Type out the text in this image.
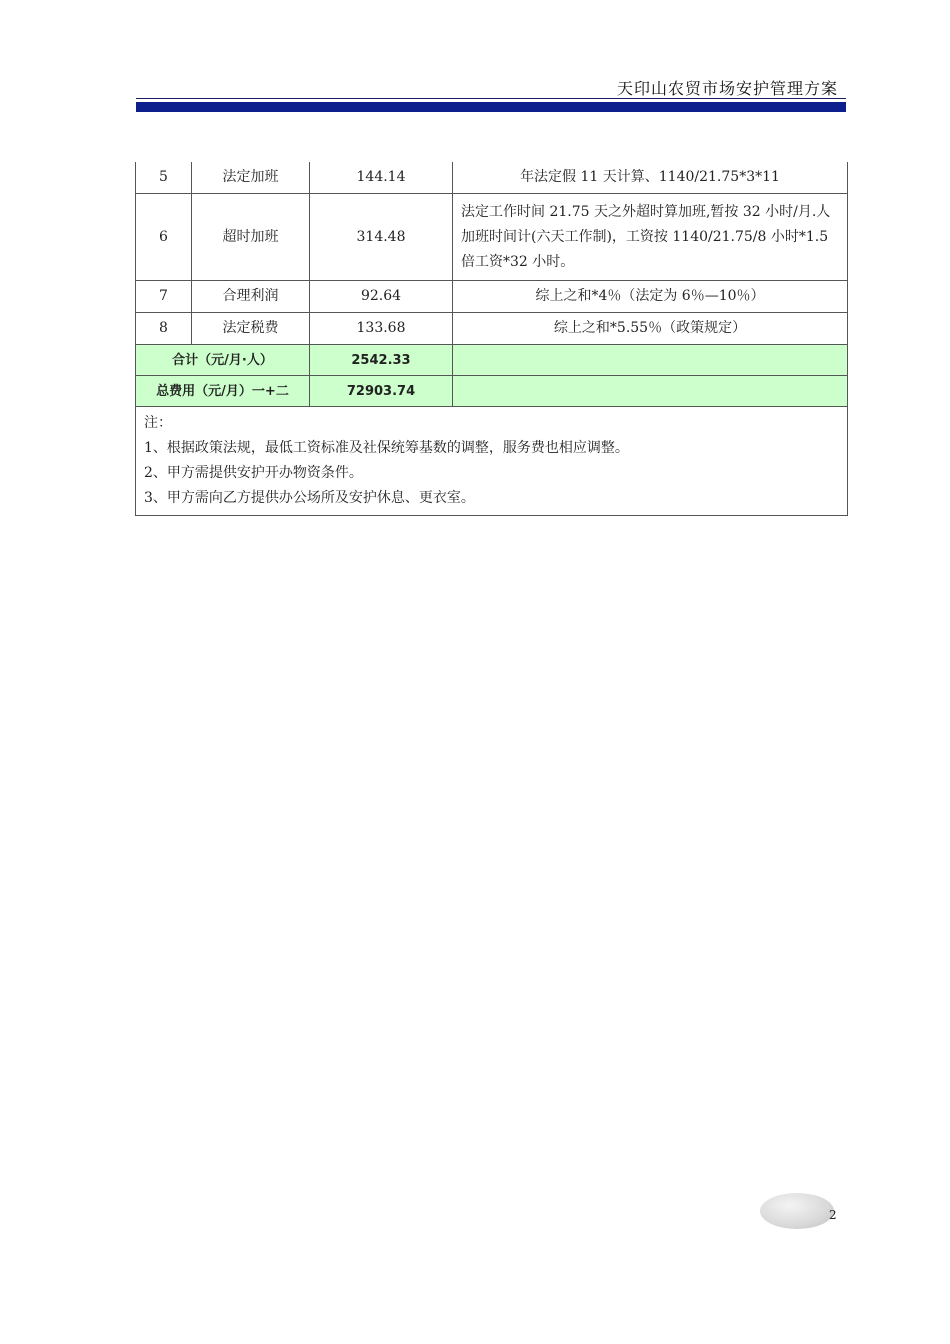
天印山农贸市场安护管理方案
5	法定加班	144.14	年法定假 11 天计算、1140/21.75*3*11
6	超时加班	314.48	法定工作时间 21.75 天之外超时算加班,暂按 32 小时/月.人加班时间计(六天工作制)，工资按 1140/21.75/8 小时*1.5 倍工资*32 小时。
7	合理利润	92.64	综上之和*4％（法定为 6％—10％）
8	法定税费	133.68	综上之和*5.55％（政策规定）
合计（元/月·人）		2542.33	
总费用（元/月）一+二		72903.74	

注：
1、根据政策法规，最低工资标准及社保统筹基数的调整，服务费也相应调整。
2、甲方需提供安护开办物资条件。
3、甲方需向乙方提供办公场所及安护休息、更衣室。			
2
